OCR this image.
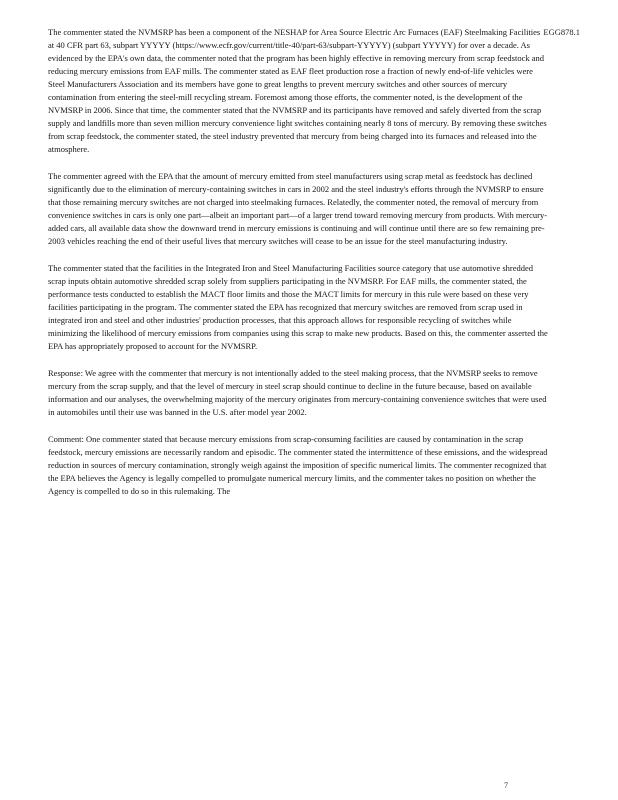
EGG878.1

The commenter stated the NVMSRP has been a component of the NESHAP for Area Source Electric Arc Furnaces (EAF) Steelmaking Facilities at 40 CFR part 63, subpart YYYYY (https://www.ecfr.gov/current/title-40/part-63/subpart-YYYYY) (subpart YYYYY) for over a decade. As evidenced by the EPA's own data, the commenter noted that the program has been highly effective in removing mercury from scrap feedstock and reducing mercury emissions from EAF mills. The commenter stated as EAF fleet production rose a fraction of newly end-of-life vehicles were Steel Manufacturers Association and its members have gone to great lengths to prevent mercury switches and other sources of mercury contamination from entering the steel-mill recycling stream. Foremost among those efforts, the commenter noted, is the development of the NVMSRP in 2006. Since that time, the commenter stated that the NVMSRP and its participants have removed and safely diverted from the scrap supply and landfills more than seven million mercury convenience light switches containing nearly 8 tons of mercury. By removing these switches from scrap feedstock, the commenter stated, the steel industry prevented that mercury from being charged into its furnaces and released into the atmosphere.

The commenter agreed with the EPA that the amount of mercury emitted from steel manufacturers using scrap metal as feedstock has declined significantly due to the elimination of mercury-containing switches in cars in 2002 and the steel industry's efforts through the NVMSRP to ensure that those remaining mercury switches are not charged into steelmaking furnaces. Relatedly, the commenter noted, the removal of mercury from convenience switches in cars is only one part—albeit an important part—of a larger trend toward removing mercury from products. With mercury-added cars, all available data show the downward trend in mercury emissions is continuing and will continue until there are so few remaining pre-2003 vehicles reaching the end of their useful lives that mercury switches will cease to be an issue for the steel manufacturing industry.

The commenter stated that the facilities in the Integrated Iron and Steel Manufacturing Facilities source category that use automotive shredded scrap inputs obtain automotive shredded scrap solely from suppliers participating in the NVMSRP. For EAF mills, the commenter stated, the performance tests conducted to establish the MACT floor limits and those the MACT limits for mercury in this rule were based on these very facilities participating in the program. The commenter stated the EPA has recognized that mercury switches are removed from scrap used in integrated iron and steel and other industries' production processes, that this approach allows for responsible recycling of switches while minimizing the likelihood of mercury emissions from companies using this scrap to make new products. Based on this, the commenter asserted the EPA has appropriately proposed to account for the NVMSRP.

Response: We agree with the commenter that mercury is not intentionally added to the steel making process, that the NVMSRP seeks to remove mercury from the scrap supply, and that the level of mercury in steel scrap should continue to decline in the future because, based on available information and our analyses, the overwhelming majority of the mercury originates from mercury-containing convenience switches that were used in automobiles until their use was banned in the U.S. after model year 2002.

Comment: One commenter stated that because mercury emissions from scrap-consuming facilities are caused by contamination in the scrap feedstock, mercury emissions are necessarily random and episodic. The commenter stated the intermittence of these emissions, and the widespread reduction in sources of mercury contamination, strongly weigh against the imposition of specific numerical limits. The commenter recognized that the EPA believes the Agency is legally compelled to promulgate numerical mercury limits, and the commenter takes no position on whether the Agency is compelled to do so in this rulemaking. The

7
